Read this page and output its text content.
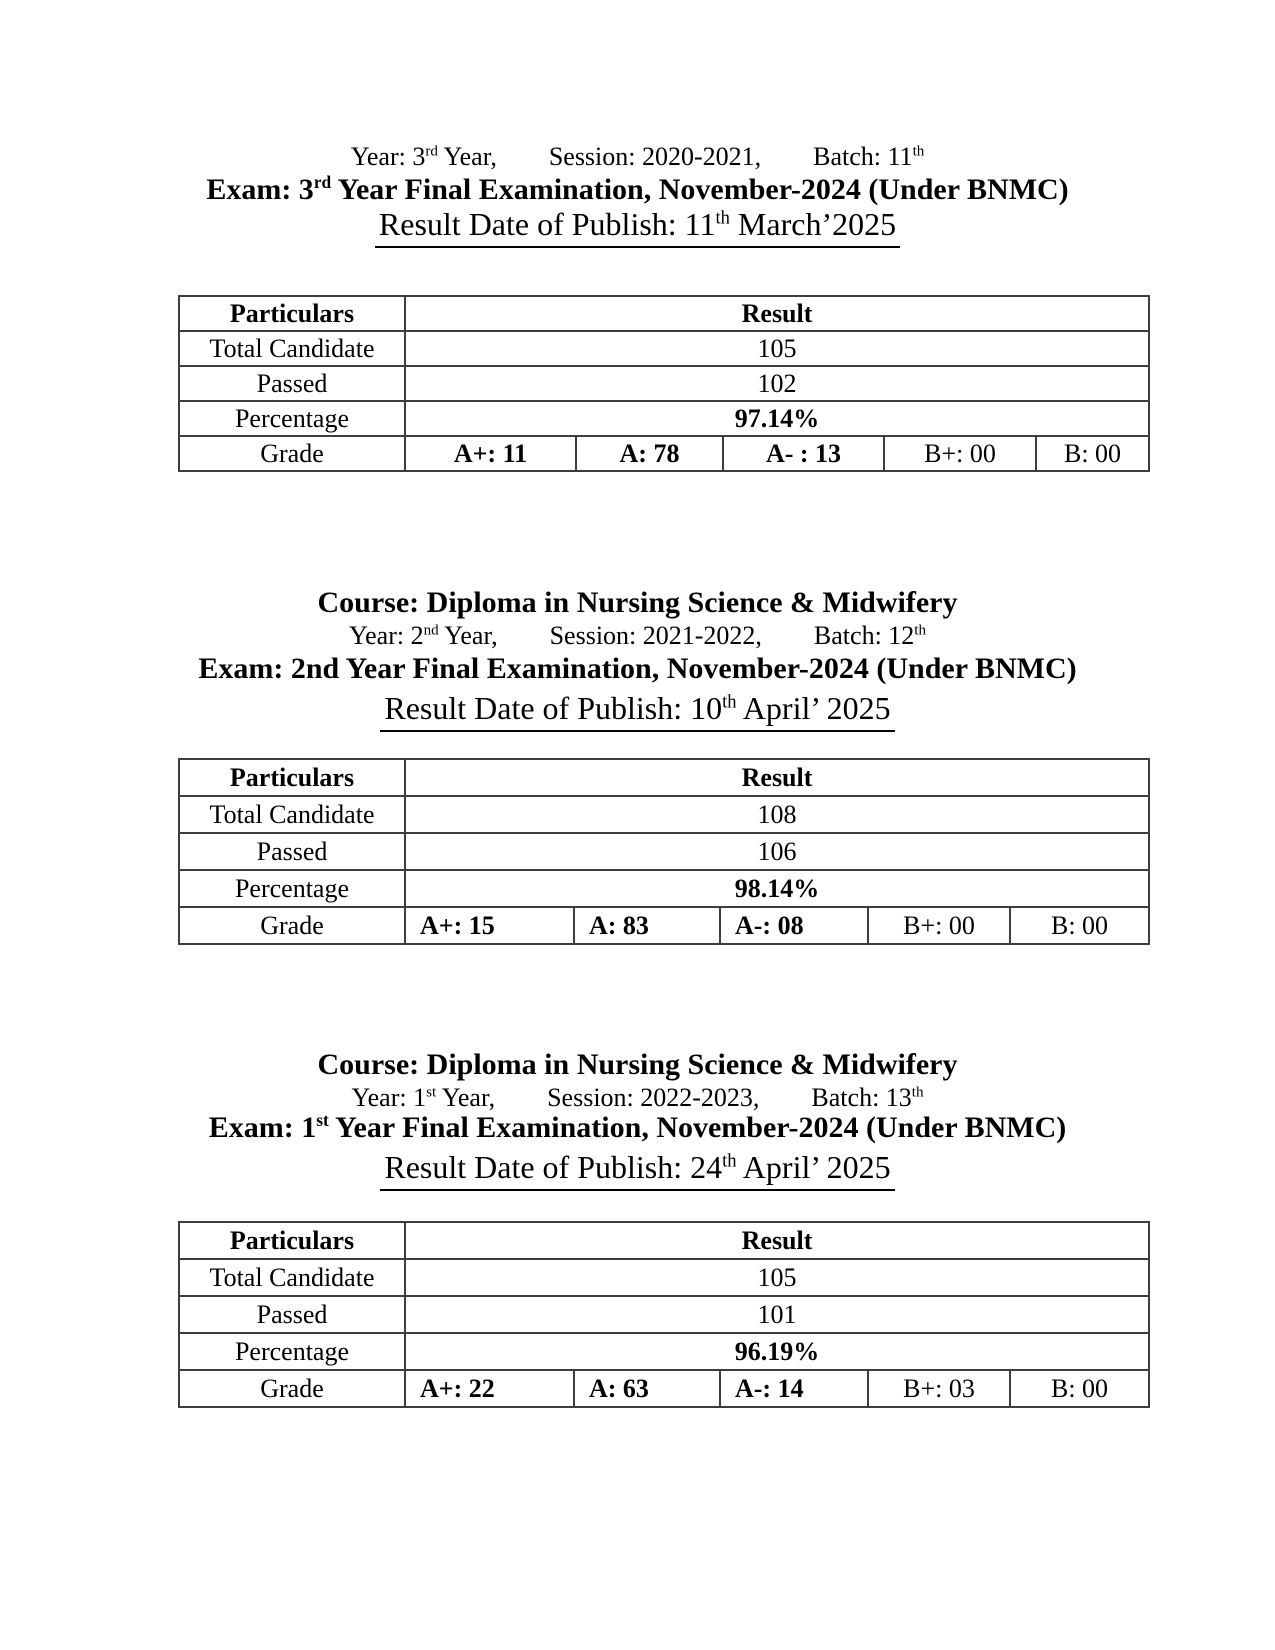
Year: 3rd Year, Session: 2020-2021, Batch: 11th
Exam: 3rd Year Final Examination, November-2024 (Under BNMC)
Result Date of Publish: 11th March’2025
Particulars	Result				
Total Candidate	105				
Passed	102				
Percentage	97.14%				
Grade	A+: 11	A: 78	A- : 13	B+: 00	B: 00
Course: Diploma in Nursing Science & Midwifery
Year: 2nd Year, Session: 2021-2022, Batch: 12th
Exam: 2nd Year Final Examination, November-2024 (Under BNMC)
Result Date of Publish: 10th April’ 2025
Particulars	Result				
Total Candidate	108				
Passed	106				
Percentage	98.14%				
Grade	A+: 15	A: 83	A-: 08	B+: 00	B: 00
Course: Diploma in Nursing Science & Midwifery
Year: 1st Year, Session: 2022-2023, Batch: 13th
Exam: 1st Year Final Examination, November-2024 (Under BNMC)
Result Date of Publish: 24th April’ 2025
Particulars	Result				
Total Candidate	105				
Passed	101				
Percentage	96.19%				
Grade	A+: 22	A: 63	A-: 14	B+: 03	B: 00
